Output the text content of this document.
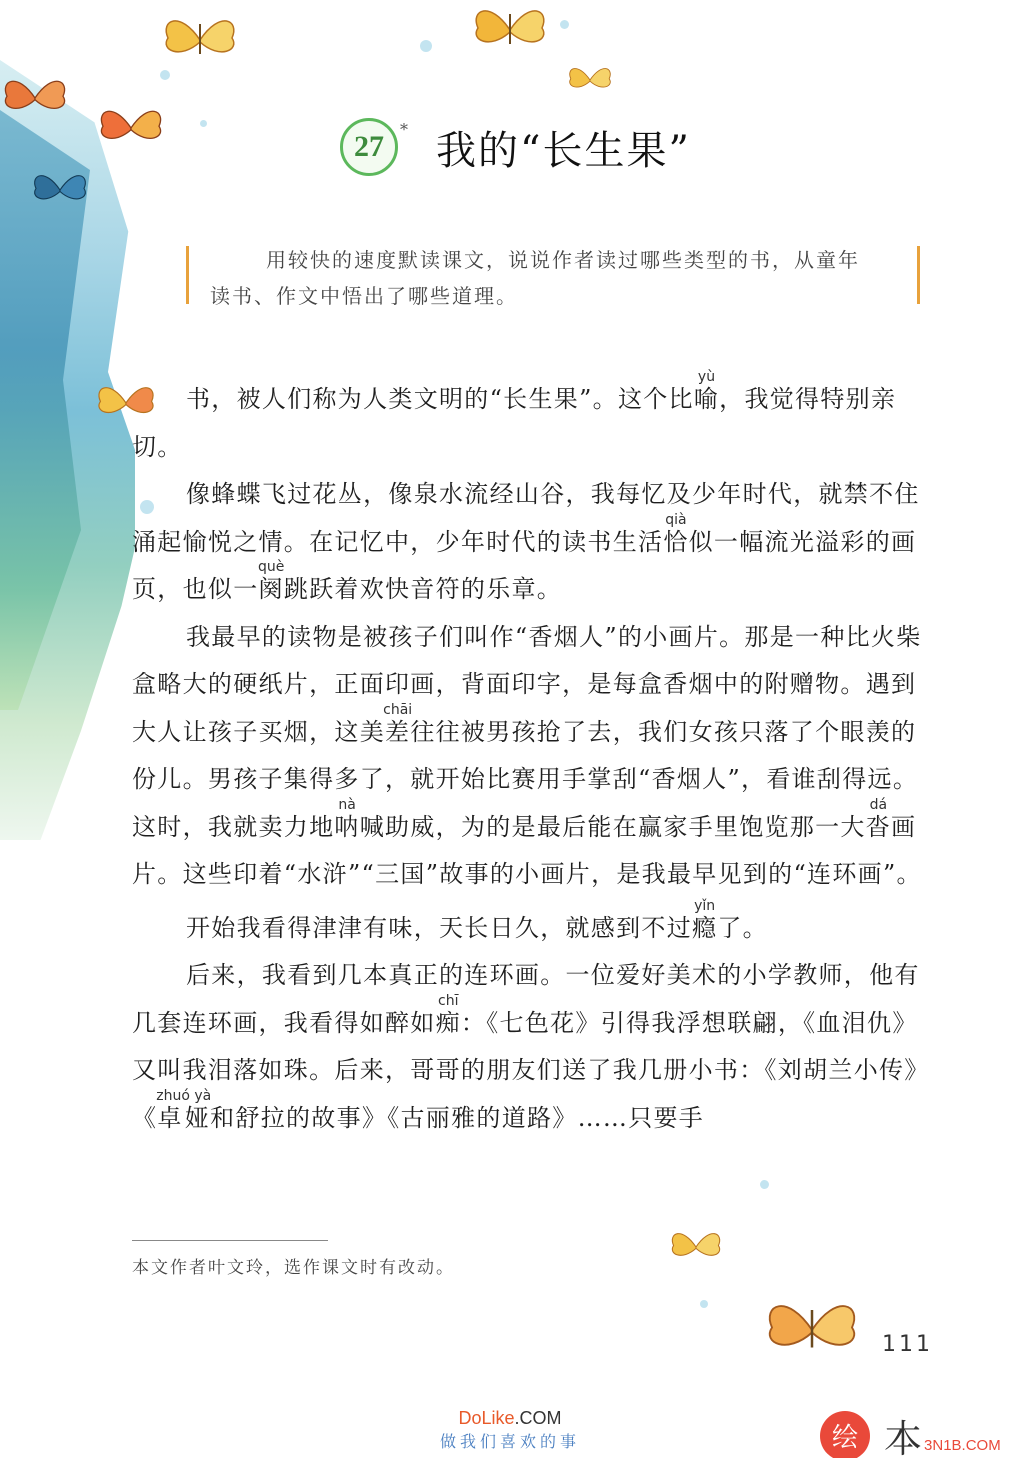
27
* 我的“长生果”

用较快的速度默读课文，说说作者读过哪些类型的书，从童年

读书、作文中悟出了哪些道理。

书，被人们称为人类文明的“长生果”。这个比喻yù，我觉得特别亲切。

像蜂蝶飞过花丛，像泉水流经山谷，我每忆及少年时代，就禁不住涌起愉悦之情。在记忆中，少年时代的读书生活恰qià似一幅流光溢彩的画页，也似一阕què跳跃着欢快音符的乐章。

我最早的读物是被孩子们叫作“香烟人”的小画片。那是一种比火柴盒略大的硬纸片，正面印画，背面印字，是每盒香烟中的附赠物。遇到大人让孩子买烟，这美差chāi往往被男孩抢了去，我们女孩只落了个眼羡的份儿。男孩子集得多了，就开始比赛用手掌刮“香烟人”，看谁刮得远。这时，我就卖力地呐nà喊助威，为的是最后能在赢家手里饱览那一大沓dá画片。这些印着“水浒”“三国”故事的小画片，是我最早见到的“连环画”。

开始我看得津津有味，天长日久，就感到不过瘾yǐn了。

后来，我看到几本真正的连环画。一位爱好美术的小学教师，他有几套连环画，我看得如醉如痴chī：《七色花》引得我浮想联翩，《血泪仇》又叫我泪落如珠。后来，哥哥的朋友们送了我几册小书：《刘胡兰小传》《卓娅zhuó yà和舒拉的故事》《古丽雅的道路》……只要手

本文作者叶文玲，选作课文时有改动。
111
DoLike.COM
做我们喜欢的事	绘 本 3N1B.COM
